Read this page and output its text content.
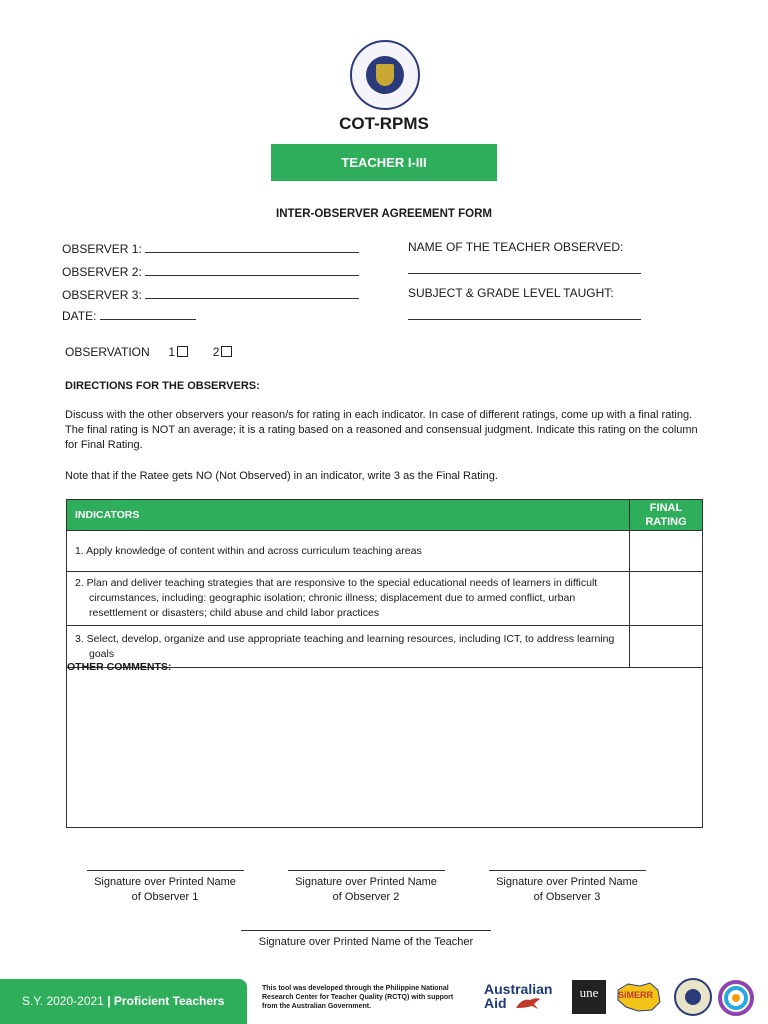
COT-RPMS
TEACHER I-III
INTER-OBSERVER AGREEMENT FORM
OBSERVER 1:
OBSERVER 2:
OBSERVER 3:
DATE:
NAME OF THE TEACHER OBSERVED:
SUBJECT & GRADE LEVEL TAUGHT:
OBSERVATION 1	2
DIRECTIONS FOR THE OBSERVERS:
Discuss with the other observers your reason/s for rating in each indicator. In case of different ratings, come up with a final rating. The final rating is NOT an average; it is a rating based on a reasoned and consensual judgment. Indicate this rating on the column for Final Rating.
Note that if the Ratee gets NO (Not Observed) in an indicator, write 3 as the Final Rating.
INDICATORS	FINAL RATING
1. Apply knowledge of content within and across curriculum teaching areas	
2. Plan and deliver teaching strategies that are responsive to the special educational needs of learners in difficult circumstances, including: geographic isolation; chronic illness; displacement due to armed conflict, urban resettlement or disasters; child abuse and child labor practices	
3. Select, develop, organize and use appropriate teaching and learning resources, including ICT, to address learning goals	
OTHER COMMENTS:
Signature over Printed Name
of Observer 1
Signature over Printed Name
of Observer 2
Signature over Printed Name
of Observer 3
Signature over Printed Name of the Teacher
S.Y. 2020-2021 | Proficient Teachers
This tool was developed through the Philippine National
Research Center for Teacher Quality (RCTQ) with support
from the Australian Government.
Australian
Aid
une	SiMERR
